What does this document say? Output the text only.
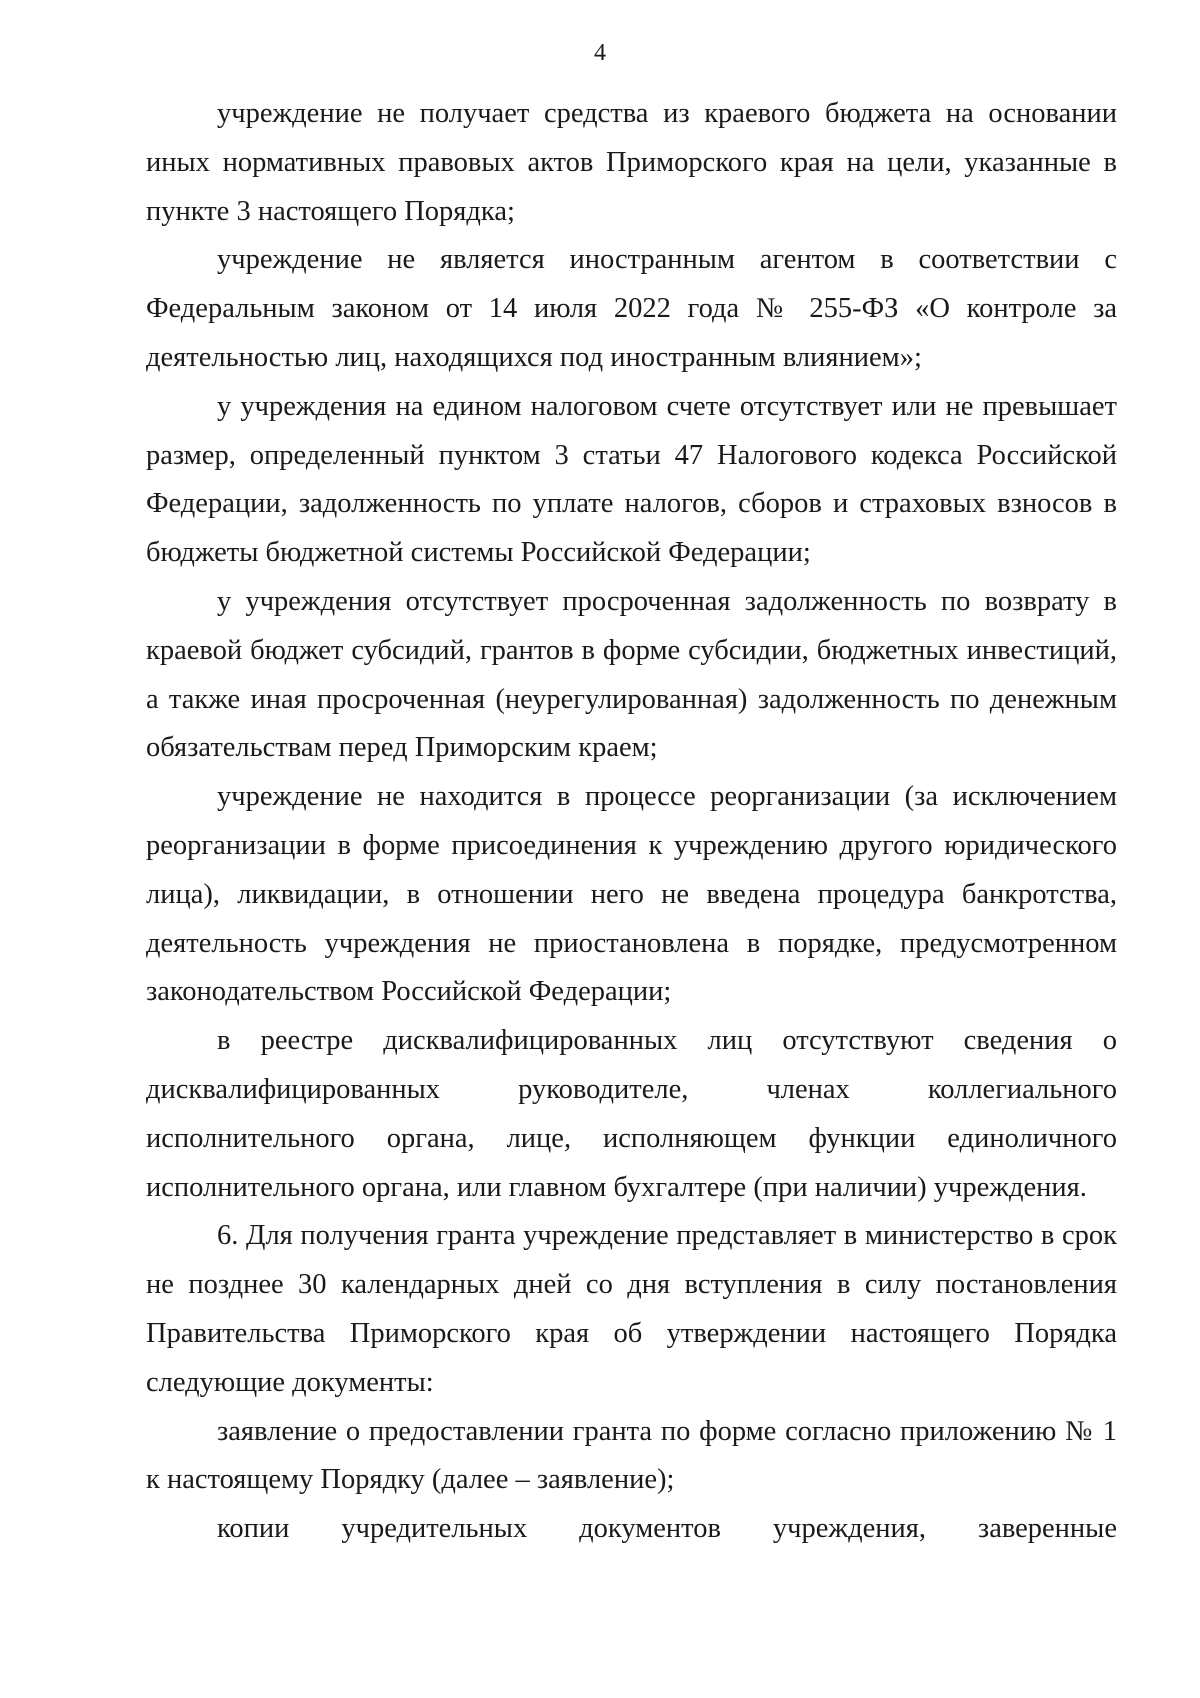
4

учреждение не получает средства из краевого бюджета на основании иных нормативных правовых актов Приморского края на цели, указанные в пункте 3 настоящего Порядка;

учреждение не является иностранным агентом в соответствии с Федеральным законом от 14 июля 2022 года № 255-ФЗ «О контроле за деятельностью лиц, находящихся под иностранным влиянием»;

у учреждения на едином налоговом счете отсутствует или не превышает размер, определенный пунктом 3 статьи 47 Налогового кодекса Российской Федерации, задолженность по уплате налогов, сборов и страховых взносов в бюджеты бюджетной системы Российской Федерации;

у учреждения отсутствует просроченная задолженность по возврату в краевой бюджет субсидий, грантов в форме субсидии, бюджетных инвестиций, а также иная просроченная (неурегулированная) задолженность по денежным обязательствам перед Приморским краем;

учреждение не находится в процессе реорганизации (за исключением реорганизации в форме присоединения к учреждению другого юридического лица), ликвидации, в отношении него не введена процедура банкротства, деятельность учреждения не приостановлена в порядке, предусмотренном законодательством Российской Федерации;

в реестре дисквалифицированных лиц отсутствуют сведения о дисквалифицированных руководителе, членах коллегиального исполнительного органа, лице, исполняющем функции единоличного исполнительного органа, или главном бухгалтере (при наличии) учреждения.

6. Для получения гранта учреждение представляет в министерство в срок не позднее 30 календарных дней со дня вступления в силу постановления Правительства Приморского края об утверждении настоящего Порядка следующие документы:

заявление о предоставлении гранта по форме согласно приложению № 1 к настоящему Порядку (далее – заявление);

копии учредительных документов учреждения, заверенные
